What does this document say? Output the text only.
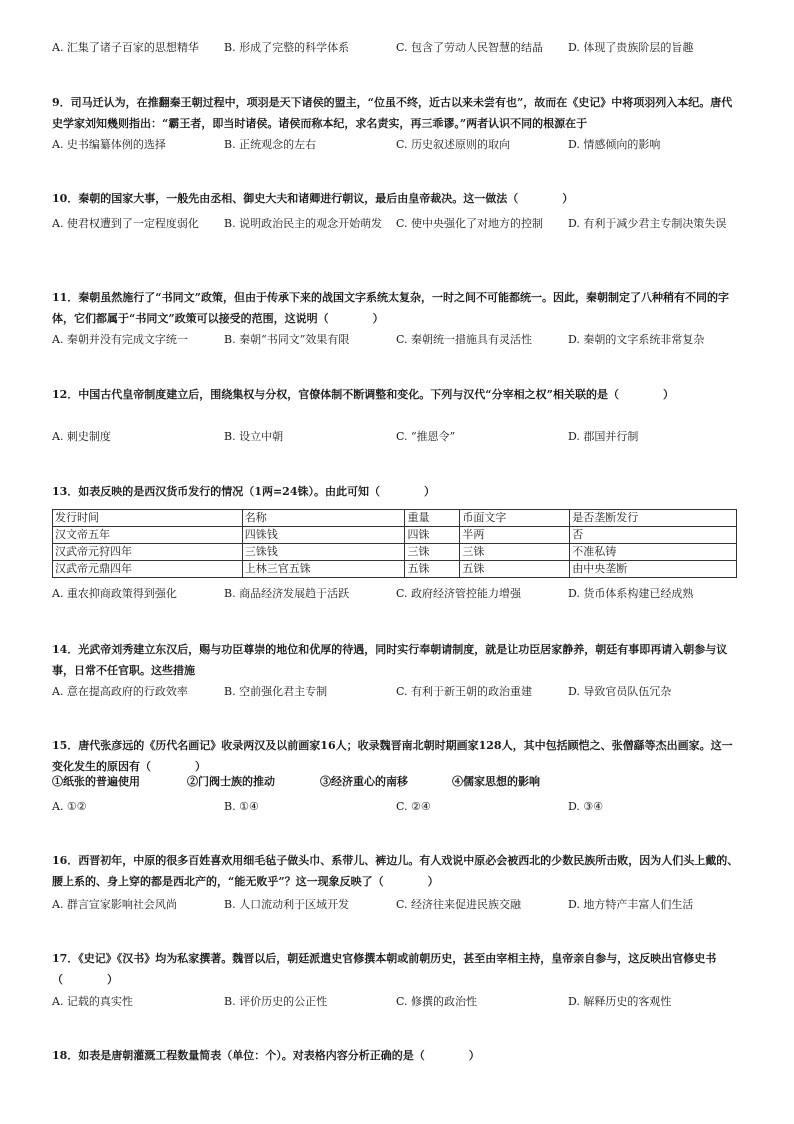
A. 汇集了诸子百家的思想精华	B. 形成了完整的科学体系	C. 包含了劳动人民智慧的结晶	D. 体现了贵族阶层的旨趣
9．司马迁认为，在推翻秦王朝过程中，项羽是天下诸侯的盟主，“位虽不终，近古以来未尝有也”，故而在《史记》中将项羽列入本纪。唐代史学家刘知幾则指出：“霸王者，即当时诸侯。诸侯而称本纪，求名责实，再三乖谬。”两者认识不同的根源在于
A. 史书编纂体例的选择	B. 正统观念的左右	C. 历史叙述原则的取向	D. 情感倾向的影响
10．秦朝的国家大事，一般先由丞相、御史大夫和诸卿进行朝议，最后由皇帝裁决。这一做法（　　　　）
A. 使君权遭到了一定程度弱化	B. 说明政治民主的观念开始萌发	C. 使中央强化了对地方的控制	D. 有利于减少君主专制决策失误
11．秦朝虽然施行了“书同文”政策，但由于传承下来的战国文字系统太复杂，一时之间不可能都统一。因此，秦朝制定了八种稍有不同的字体，它们都属于“书同文”政策可以接受的范围，这说明（　　　　）
A. 秦朝并没有完成文字统一	B. 秦朝“书同文”效果有限	C. 秦朝统一措施具有灵活性	D. 秦朝的文字系统非常复杂
12．中国古代皇帝制度建立后，围绕集权与分权，官僚体制不断调整和变化。下列与汉代“分宰相之权”相关联的是（　　　　）
A. 刺史制度	B. 设立中朝	C. “推恩令”	D. 郡国并行制
13．如表反映的是西汉货币发行的情况（1两=24铢）。由此可知（　　　　）
发行时间	名称	重量	币面文字	是否垄断发行
汉文帝五年	四铢钱	四铢	半两	否
汉武帝元狩四年	三铢钱	三铢	三铢	不准私铸
汉武帝元鼎四年	上林三官五铢	五铢	五铢	由中央垄断
A. 重农抑商政策得到强化	B. 商品经济发展趋于活跃	C. 政府经济管控能力增强	D. 货币体系构建已经成熟
14．光武帝刘秀建立东汉后，赐与功臣尊崇的地位和优厚的待遇，同时实行奉朝请制度，就是让功臣居家静养，朝廷有事即再请入朝参与议事，日常不任官职。这些措施
A. 意在提高政府的行政效率	B. 空前强化君主专制	C. 有利于新王朝的政治重建	D. 导致官员队伍冗杂
15．唐代张彦远的《历代名画记》收录两汉及以前画家16人；收录魏晋南北朝时期画家128人，其中包括顾恺之、张僧繇等杰出画家。这一变化发生的原因有（　　　　）
①纸张的普遍使用	②门阀士族的推动	③经济重心的南移	④儒家思想的影响
A. ①②	B. ①④	C. ②④	D. ③④
16．西晋初年，中原的很多百姓喜欢用细毛毡子做头巾、系带儿、裤边儿。有人戏说中原必会被西北的少数民族所击败，因为人们头上戴的、腰上系的、身上穿的都是西北产的，“能无败乎”？这一现象反映了（　　　　）
A. 群言宣家影响社会风尚	B. 人口流动利于区域开发	C. 经济往来促进民族交融	D. 地方特产丰富人们生活
17．《史记》《汉书》均为私家撰著。魏晋以后，朝廷派遣史官修撰本朝或前朝历史，甚至由宰相主持，皇帝亲自参与，这反映出官修史书（　　　　）
A. 记载的真实性	B. 评价历史的公正性	C. 修撰的政治性	D. 解释历史的客观性
18．如表是唐朝灌溉工程数量简表（单位：个）。对表格内容分析正确的是（　　　　）
